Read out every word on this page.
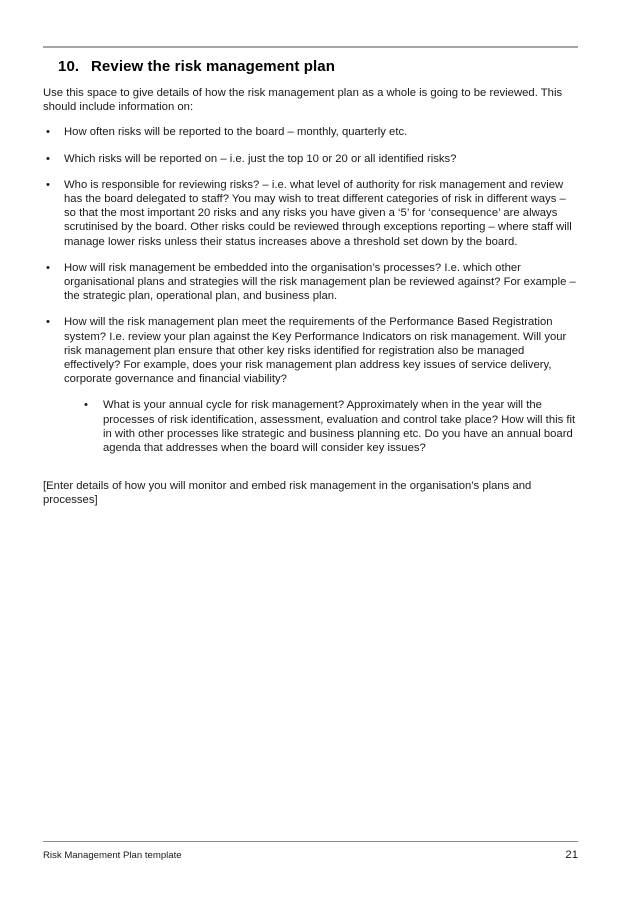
10. Review the risk management plan

Use this space to give details of how the risk management plan as a whole is going to be reviewed. This should include information on:

•	How often risks will be reported to the board – monthly, quarterly etc.
•	Which risks will be reported on – i.e. just the top 10 or 20 or all identified risks?
•	Who is responsible for reviewing risks? – i.e. what level of authority for risk management and review has the board delegated to staff? You may wish to treat different categories of risk in different ways – so that the most important 20 risks and any risks you have given a ‘5’ for ‘consequence’ are always scrutinised by the board. Other risks could be reviewed through exceptions reporting – where staff will manage lower risks unless their status increases above a threshold set down by the board.
•	How will risk management be embedded into the organisation’s processes? I.e. which other organisational plans and strategies will the risk management plan be reviewed against? For example – the strategic plan, operational plan, and business plan.
•	How will the risk management plan meet the requirements of the Performance Based Registration system? I.e. review your plan against the Key Performance Indicators on risk management. Will your risk management plan ensure that other key risks identified for registration also be managed effectively? For example, does your risk management plan address key issues of service delivery, corporate governance and financial viability?
•	What is your annual cycle for risk management? Approximately when in the year will the processes of risk identification, assessment, evaluation and control take place? How will this fit in with other processes like strategic and business planning etc. Do you have an annual board agenda that addresses when the board will consider key issues?

[Enter details of how you will monitor and embed risk management in the organisation’s plans and processes]

Risk Management Plan template	21
